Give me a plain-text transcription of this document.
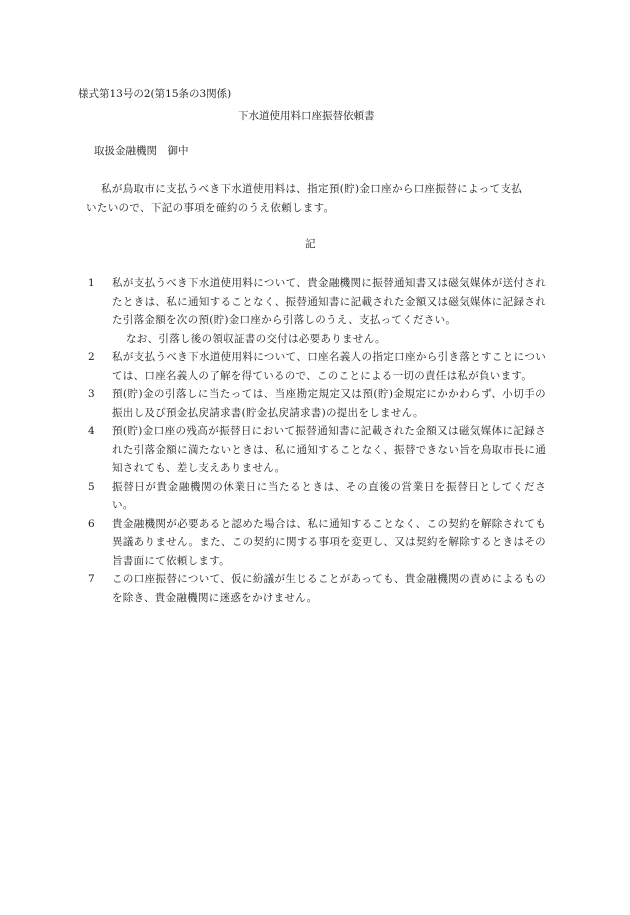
様式第13号の2(第15条の3関係)
下水道使用料口座振替依頼書
取扱金融機関　御中
私が鳥取市に支払うべき下水道使用料は、指定預(貯)金口座から口座振替によって支払いたいので、下記の事項を確約のうえ依頼します。
記
1	私が支払うべき下水道使用料について、貴金融機関に振替通知書又は磁気媒体が送付されたときは、私に通知することなく、振替通知書に記載された金額又は磁気媒体に記録された引落金額を次の預(貯)金口座から引落しのうえ、支払ってください。
なお、引落し後の領収証書の交付は必要ありません。
2	私が支払うべき下水道使用料について、口座名義人の指定口座から引き落とすことについては、口座名義人の了解を得ているので、このことによる一切の責任は私が負います。
3	預(貯)金の引落しに当たっては、当座勘定規定又は預(貯)金規定にかかわらず、小切手の振出し及び預金払戻請求書(貯金払戻請求書)の提出をしません。
4	預(貯)金口座の残高が振替日において振替通知書に記載された金額又は磁気媒体に記録された引落金額に満たないときは、私に通知することなく、振替できない旨を鳥取市長に通知されても、差し支えありません。
5	振替日が貴金融機関の休業日に当たるときは、その直後の営業日を振替日としてください。
6	貴金融機関が必要あると認めた場合は、私に通知することなく、この契約を解除されても異議ありません。また、この契約に関する事項を変更し、又は契約を解除するときはその旨書面にて依頼します。
7	この口座振替について、仮に紛議が生じることがあっても、貴金融機関の責めによるものを除き、貴金融機関に迷惑をかけません。
